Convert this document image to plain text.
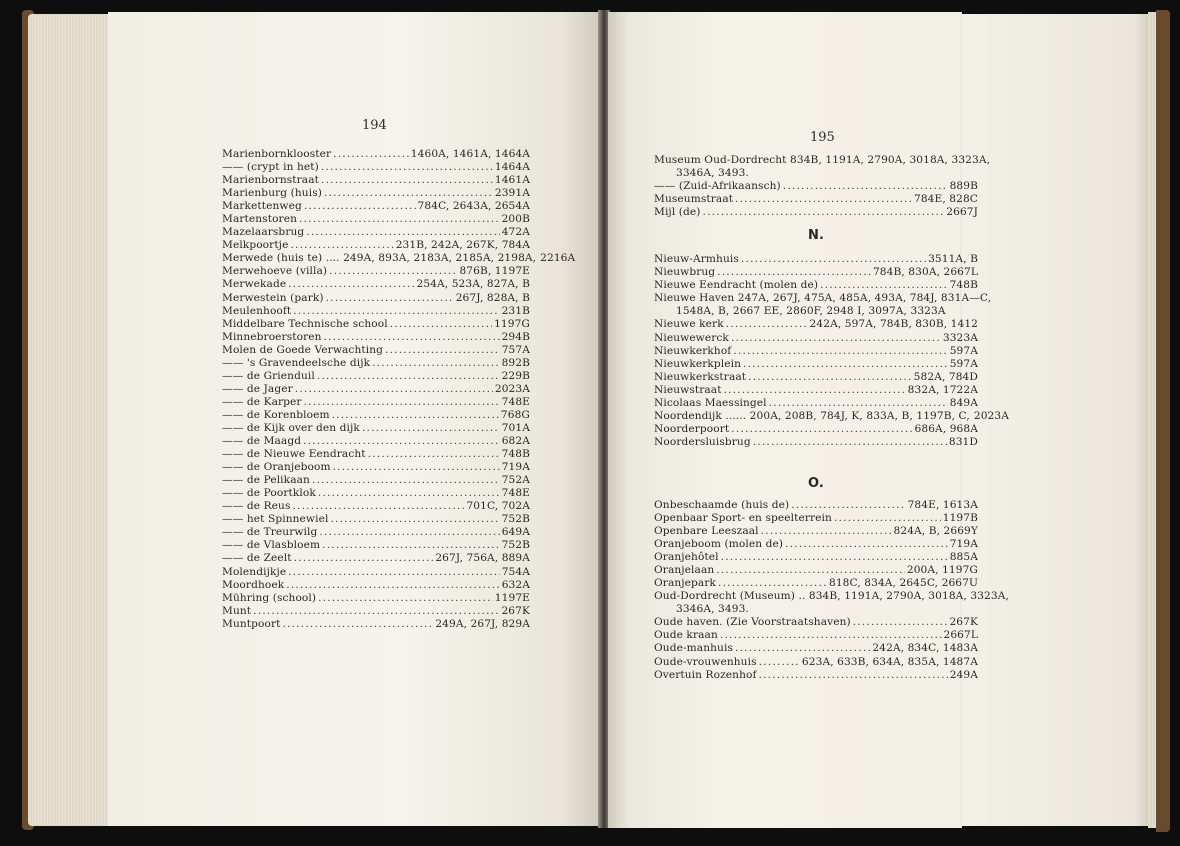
194
Marienbornklooster .....	1460A, 1461A, 1464A
—— (crypt in het) .....	1464A
Marienbornstraat .....	1461A
Marienburg (huis) .....	2391A
Markettenweg .....	784C, 2643A, 2654A
Martenstoren .....	200B
Mazelaarsbrug .....	472A
Melkpoortje .....	231B, 242A, 267K, 784A
Merwede (huis te) .... 249A, 893A, 2183A, 2185A, 2198A, 2216A
Merwehoeve (villa) .....	876B, 1197E
Merwekade .....	254A, 523A, 827A, B
Merwestein (park) .....	267J, 828A, B
Meulenhooft .....	231B
Middelbare Technische school .....	1197G
Minnebroerstoren .....	294B
Molen de Goede Verwachting .....	757A
—— 's Gravendeelsche dijk .....	892B
—— de Grienduil .....	229B
—— de Jager .....	2023A
—— de Karper .....	748E
—— de Korenbloem .....	768G
—— de Kijk over den dijk .....	701A
—— de Maagd .....	682A
—— de Nieuwe Eendracht .....	748B
—— de Oranjeboom .....	719A
—— de Pelikaan .....	752A
—— de Poortklok .....	748E
—— de Reus .....	701C, 702A
—— het Spinnewiel .....	752B
—— de Treurwilg .....	649A
—— de Vlasbloem .....	752B
—— de Zeelt .....	267J, 756A, 889A
Molendijkje .....	754A
Moordhoek .....	632A
Mühring (school) .....	1197E
Munt .....	267K
Muntpoort .....	249A, 267J, 829A
195
Museum Oud-Dordrecht 834B, 1191A, 2790A, 3018A, 3323A,
3346A, 3493.
—— (Zuid-Afrikaansch) .....	889B
Museumstraat .....	784E, 828C
Mijl (de) .....	2667J
N.
Nieuw-Armhuis .....	3511A, B
Nieuwbrug .....	784B, 830A, 2667L
Nieuwe Eendracht (molen de) .....	748B
Nieuwe Haven 247A, 267J, 475A, 485A, 493A, 784J, 831A—C,
1548A, B, 2667 EE, 2860F, 2948 I, 3097A, 3323A
Nieuwe kerk .....	242A, 597A, 784B, 830B, 1412
Nieuwewerck .....	3323A
Nieuwkerkhof .....	597A
Nieuwkerkplein .....	597A
Nieuwkerkstraat .....	582A, 784D
Nieuwstraat .....	832A, 1722A
Nicolaas Maessingel .....	849A
Noordendijk ...... 200A, 208B, 784J, K, 833A, B, 1197B, C, 2023A
Noorderpoort .....	686A, 968A
Noordersluisbrug .....	831D
O.
Onbeschaamde (huis de) .....	784E, 1613A
Openbaar Sport- en speelterrein .....	1197B
Openbare Leeszaal .....	824A, B, 2669Y
Oranjeboom (molen de) .....	719A
Oranjehôtel .....	885A
Oranjelaan .....	200A, 1197G
Oranjepark .....	818C, 834A, 2645C, 2667U
Oud-Dordrecht (Museum) .. 834B, 1191A, 2790A, 3018A, 3323A,
3346A, 3493.
Oude haven. (Zie Voorstraatshaven) .....	267K
Oude kraan .....	2667L
Oude-manhuis .....	242A, 834C, 1483A
Oude-vrouwenhuis .....	623A, 633B, 634A, 835A, 1487A
Overtuin Rozenhof .....	249A
